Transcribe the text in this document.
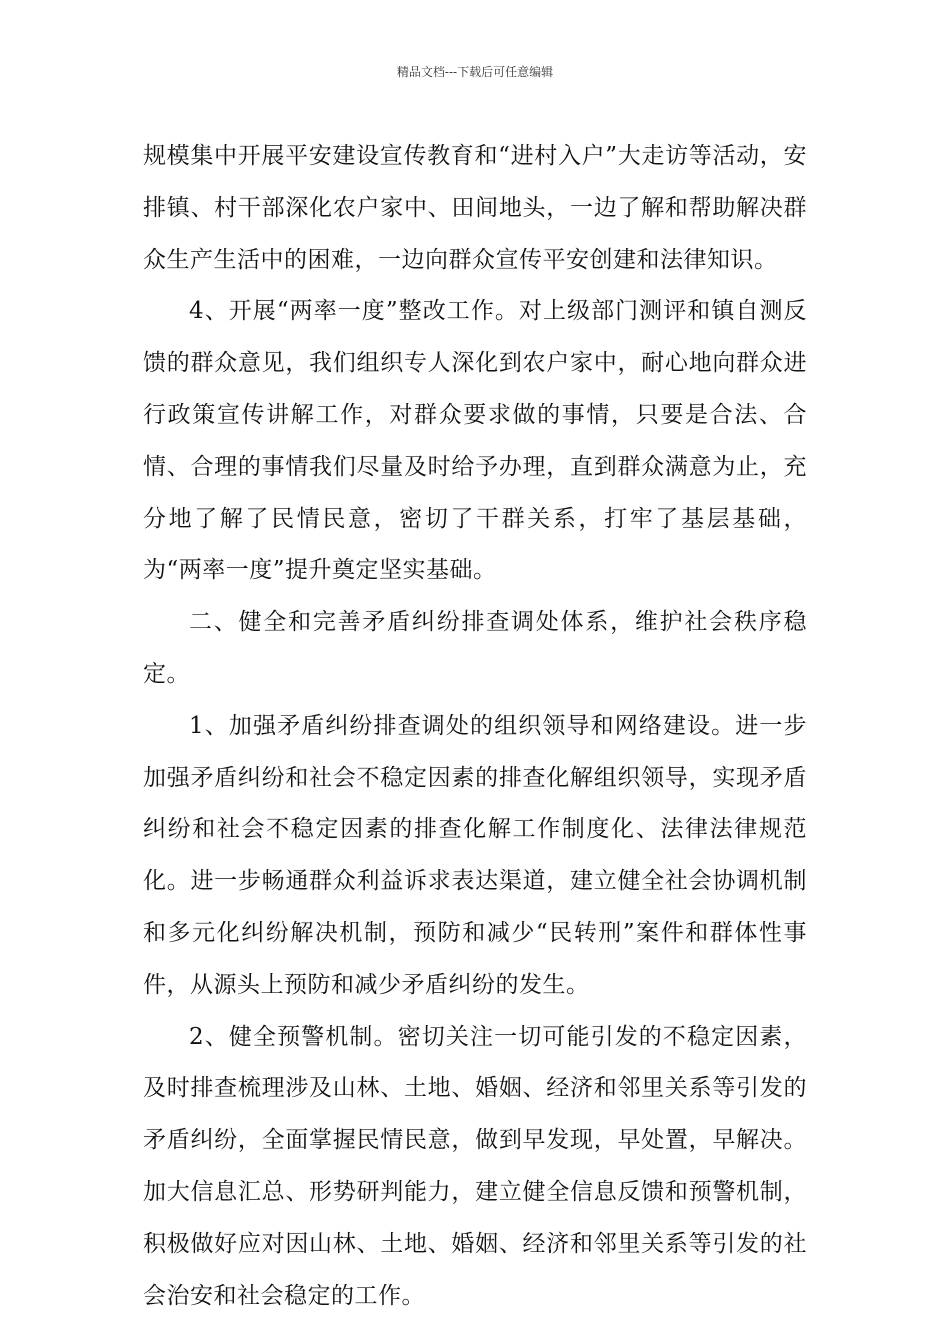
精品文档---下载后可任意编辑

规模集中开展平安建设宣传教育和“进村入户”大走访等活动，安排镇、村干部深化农户家中、田间地头，一边了解和帮助解决群众生产生活中的困难，一边向群众宣传平安创建和法律知识。

4、开展“两率一度”整改工作。对上级部门测评和镇自测反馈的群众意见，我们组织专人深化到农户家中，耐心地向群众进行政策宣传讲解工作，对群众要求做的事情，只要是合法、合情、合理的事情我们尽量及时给予办理，直到群众满意为止，充分地了解了民情民意，密切了干群关系，打牢了基层基础，为“两率一度”提升奠定坚实基础。

二、健全和完善矛盾纠纷排查调处体系，维护社会秩序稳定。

1、加强矛盾纠纷排查调处的组织领导和网络建设。进一步加强矛盾纠纷和社会不稳定因素的排查化解组织领导，实现矛盾纠纷和社会不稳定因素的排查化解工作制度化、法律法律规范化。进一步畅通群众利益诉求表达渠道，建立健全社会协调机制和多元化纠纷解决机制，预防和减少“民转刑”案件和群体性事件，从源头上预防和减少矛盾纠纷的发生。

2、健全预警机制。密切关注一切可能引发的不稳定因素，及时排查梳理涉及山林、土地、婚姻、经济和邻里关系等引发的矛盾纠纷，全面掌握民情民意，做到早发现，早处置，早解决。加大信息汇总、形势研判能力，建立健全信息反馈和预警机制，积极做好应对因山林、土地、婚姻、经济和邻里关系等引发的社会治安和社会稳定的工作。
